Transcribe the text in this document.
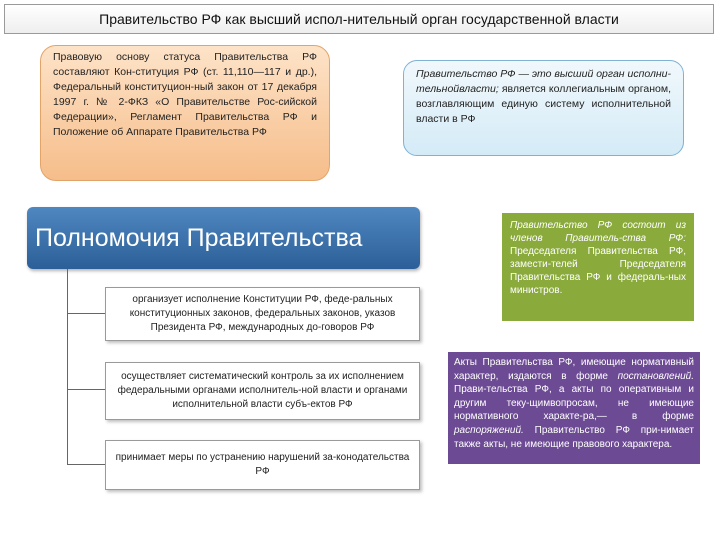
Правительство РФ как высший испол-нительный орган государственной власти
Правовую основу статуса Правительства РФ составляют Кон-ституция РФ (ст. 11,110—117 и др.), Федеральный конституцион-ный закон от 17 декабря 1997 г. № 2-ФКЗ «О Правительстве Рос-сийской Федерации», Регламент Правительства РФ и Положение об Аппарате Правительства РФ
Правительство РФ — это высший орган исполни-тельнойвласти; является коллегиальным органом, возглавляющим единую систему исполнительной власти в РФ
Полномочия Правительства
организует исполнение Конституции РФ, феде-ральных конституционных законов, федеральных законов, указов Президента РФ, международных до-говоров РФ
осуществляет систематический контроль за их исполнением федеральными органами исполнитель-ной власти и органами исполнительной власти субъ-ектов РФ
принимает меры по устранению нарушений за-конодательства РФ
Правительство РФ состоит из членов Правитель-ства РФ: Председателя Правительства РФ, замести-телей Председателя Правительства РФ и федераль-ных министров.
Акты Правительства РФ, имеющие нормативный характер, издаются в форме постановлений. Прави-тельства РФ, а акты по оперативным и другим теку-щимвопросам, не имеющие нормативного характе-ра,— в форме распоряжений. Правительство РФ при-нимает также акты, не имеющие правового характера.
